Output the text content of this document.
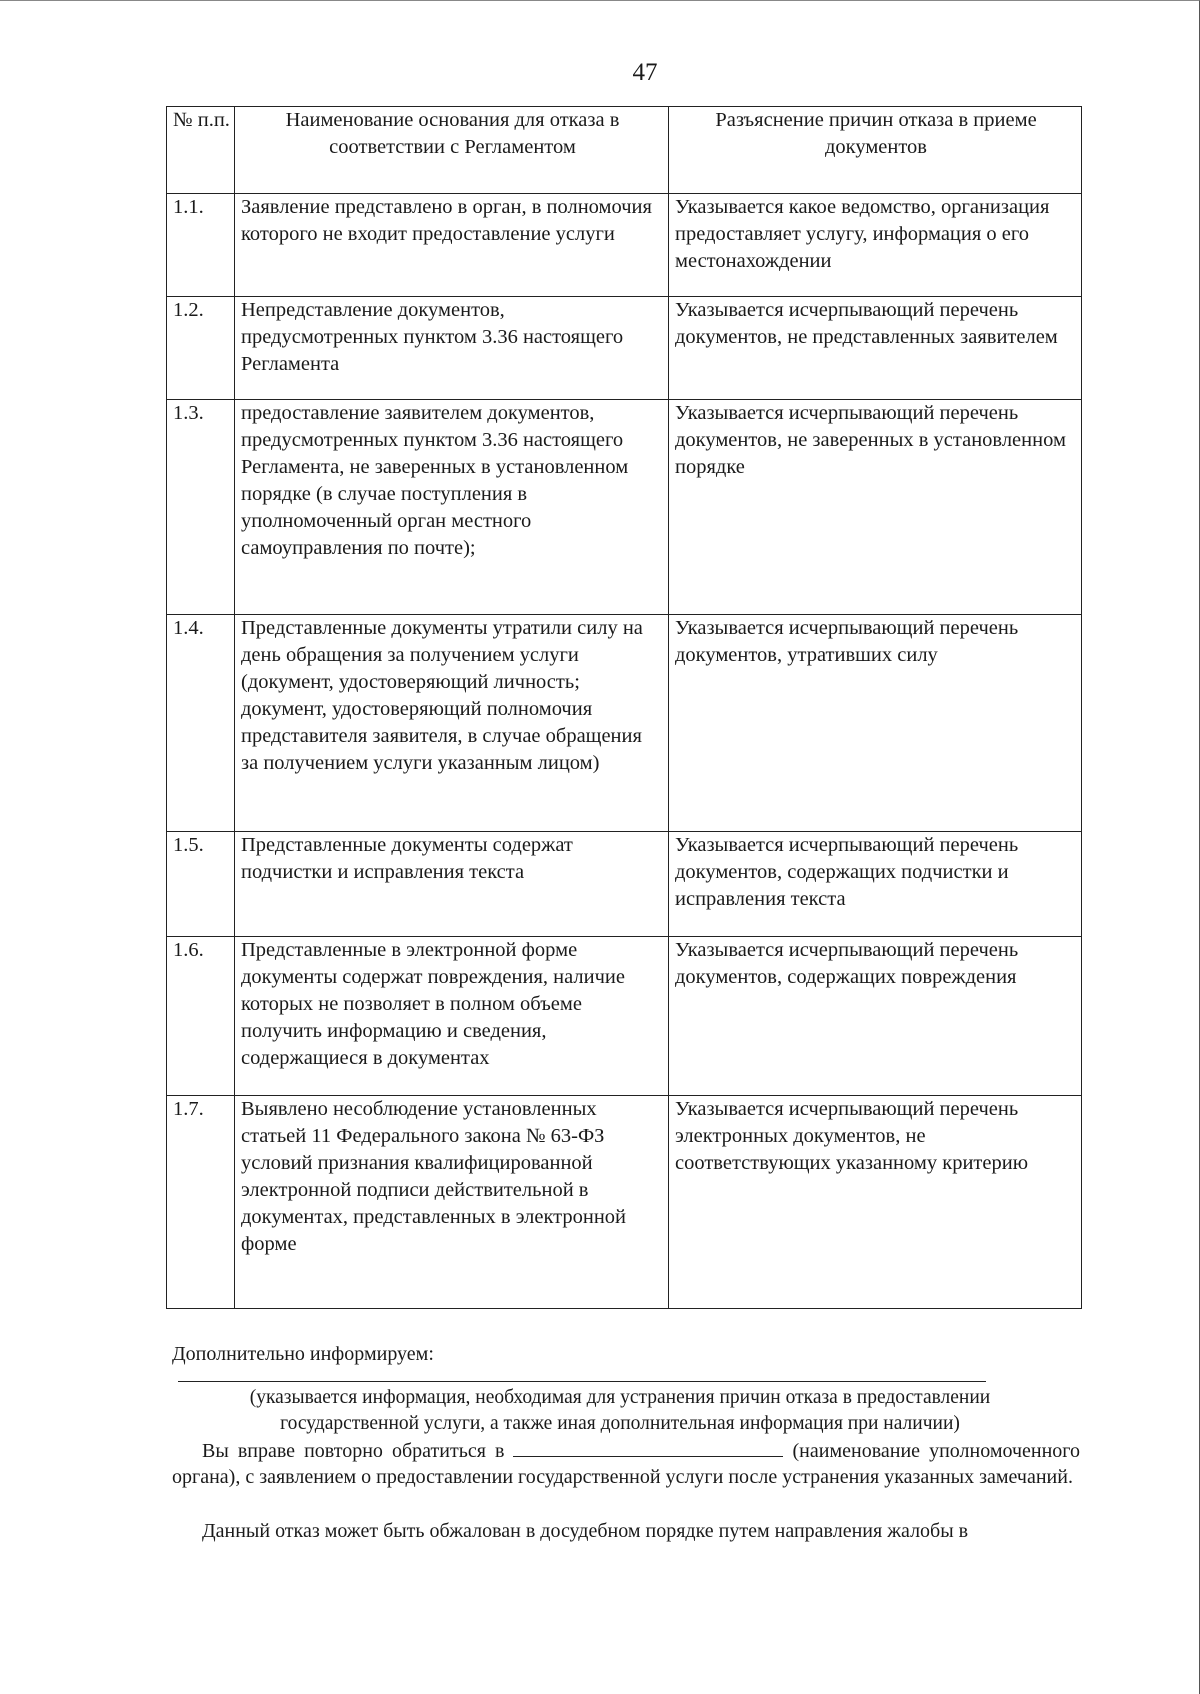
47
№ п.п.	Наименование основания для отказа в соответствии с Регламентом	Разъяснение причин отказа в приеме документов
1.1.	Заявление представлено в орган, в полномочия которого не входит предоставление услуги	Указывается какое ведомство, организация предоставляет услугу, информация о его местонахождении
1.2.	Непредставление документов, предусмотренных пунктом 3.36 настоящего Регламента	Указывается исчерпывающий перечень документов, не представленных заявителем
1.3.	предоставление заявителем документов, предусмотренных пунктом 3.36 настоящего Регламента, не заверенных в установленном порядке (в случае поступления в уполномоченный орган местного самоуправления по почте);	Указывается исчерпывающий перечень документов, не заверенных в установленном порядке
1.4.	Представленные документы утратили силу на день обращения за получением услуги (документ, удостоверяющий личность; документ, удостоверяющий полномочия представителя заявителя, в случае обращения за получением услуги указанным лицом)	Указывается исчерпывающий перечень документов, утративших силу
1.5.	Представленные документы содержат подчистки и исправления текста	Указывается исчерпывающий перечень документов, содержащих подчистки и исправления текста
1.6.	Представленные в электронной форме документы содержат повреждения, наличие которых не позволяет в полном объеме получить информацию и сведения, содержащиеся в документах	Указывается исчерпывающий перечень документов, содержащих повреждения
1.7.	Выявлено несоблюдение установленных статьей 11 Федерального закона № 63-ФЗ условий признания квалифицированной электронной подписи действительной в документах, представленных в электронной форме	Указывается исчерпывающий перечень электронных документов, не соответствующих указанному критерию
Дополнительно информируем:
(указывается информация, необходимая для устранения причин отказа в предоставлении государственной услуги, а также иная дополнительная информация при наличии)
Вы вправе повторно обратиться в	(наименование уполномоченного органа), с заявлением о предоставлении государственной услуги после устранения указанных замечаний.
Данный отказ может быть обжалован в досудебном порядке путем направления жалобы в
